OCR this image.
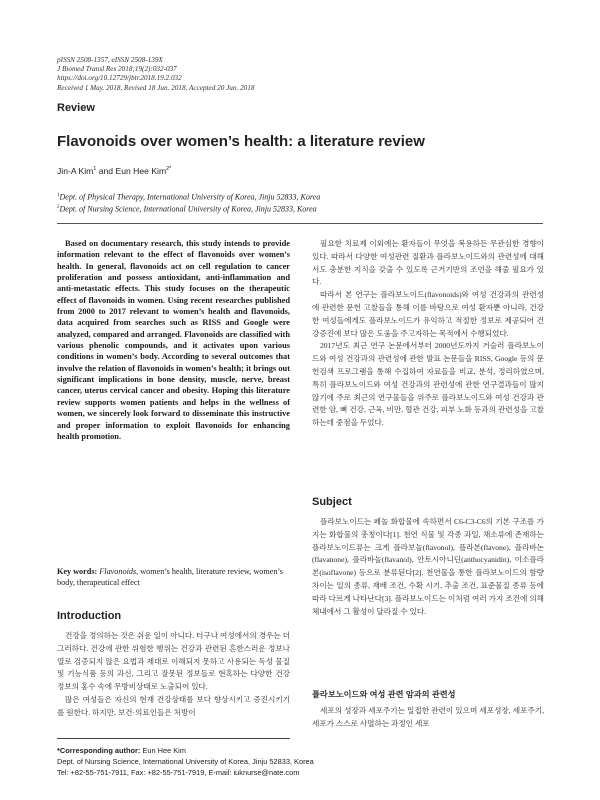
pISSN 2508-1357, eISSN 2508-139X
J Biomed Transl Res 2018;19(2):032-037
https://doi.org/10.12729/jbtr.2018.19.2.032
Received 1 May. 2018, Revised 18 Jun. 2018, Accepted 20 Jun. 2018
Review
Flavonoids over women’s health: a literature review
Jin-A Kim$^1$ and Eun Hee Kim$^{2*}$
$^1$Dept. of Physical Therapy, International University of Korea, Jinju 52833, Korea
$^2$Dept. of Nursing Science, International University of Korea, Jinju 52833, Korea
Based on documentary research, this study intends to provide information relevant to the effect of flavonoids over women’s health. In general, flavonoids act on cell regulation to cancer proliferation and possess antioxidant, anti-inflammation and anti-metastatic effects. This study focuses on the therapeutic effect of flavonoids in women. Using recent researches published from 2000 to 2017 relevant to women’s health and flavonoids, data acquired from searches such as RISS and Google were analyzed, compared and arranged. Flavonoids are classified with various phenolic compounds, and it activates upon various conditions in women’s body. According to several outcomes that involve the relation of flavonoids in women’s health; it brings out significant implications in bone density, muscle, nerve, breast cancer, uterus cervical cancer and obesity. Hoping this literature review supports women patients and helps in the wellness of women, we sincerely look forward to disseminate this instructive and proper information to exploit flavonoids for enhancing health promotion.
Key words: Flavonoids, women’s health, literature review, women’s body, therapeutical effect

필요한 치료제 이외에는 환자들이 무엇을 복용하든 무관심한 경향이 있다. 따라서 다양한 여성관련 질환과 플라보노이드와의 관련성에 대해서도 충분한 지식을 갖출 수 있도록 근거기반의 조언을 해줄 필요가 있다.

따라서 본 연구는 플라보노이드(flavonoids)와 여성 건강과의 관련성에 관련한 문헌 고찰들을 통해 이를 바탕으로 여성 환자뿐 아니라, 건강한 여성들에게도 플라보노이드가 유익하고 적절한 정보로 제공되어 건강증진에 보다 많은 도움을 주고자하는 목적에서 수행되었다.

2017년도 최근 연구 논문에서부터 2000년도까지 거슬러 플라보노이드와 여성 건강과의 관련성에 관한 발표 논문들을 RISS, Google 등의 문헌검색 프로그램을 통해 수집하여 자료들을 비교, 분석, 정리하였으며, 특히 플라보노이드와 여성 건강과의 관련성에 관한 연구결과들이 많지 않기에 주로 최근의 연구물들을 위주로 플라보노이드와 여성 건강과 관련한 암, 뼈 건강, 근육, 비만, 혈관 건강, 피부 노화 등과의 관련성을 고찰하는데 중점을 두었다.

Subject

플라보노이드는 페놀 화합물에 속하면서 C6-C3-C6의 기본 구조를 가지는 화합물의 총칭이다[1]. 천연 식물 및 각종 과일, 채소류에 존재하는 플라보노이드류는 크게 플라보놀(flavonol), 플라본(flavone), 플라바논(flavanone), 플라바놀(flavanol), 안토시아니딘(anthocyanidin), 이소플라본(isoflavone) 등으로 분류된다[2]. 천연물을 통한 플라보노이드의 함량 차이는 일의 종류, 재배 조건, 수확 시기, 추출 조건, 표준물질 종류 등에 따라 다르게 나타난다[3]. 플라보노이드는 이처럼 여러 가지 조건에 의해 체내에서 그 활성이 달라질 수 있다.

플라보노이드와 여성 관련 암과의 관련성

세포의 성장과 세포주기는 밀접한 관련이 있으며 세포성장, 세포주기, 세포가 스스로 사멸하는 과정인 세포

Introduction

건강을 정의하는 것은 쉬운 일이 아니다. 터구나 여성에서의 경우는 더 그러하다. 건강에 관한 위험한 행위는 건강과 관련된 흔한스러운 정보나열로 검증되지 않은 요법과 제대로 이해되지 못하고 사용되는 독성 물질 및 기능식품 등의 과신, 그리고 잘못된 정보들로 현혹하는 다양한 건강 정보의 홍수 속에 무방비상태로 노출되어 있다.

많은 여성들은 자신의 현재 건강상태를 보다 향상시키고 증진시키기를 원한다. 하지만, 보건·의료인들은 처방이

*Corresponding author: Eun Hee Kim
Dept. of Nursing Science, International University of Korea, Jinju 52833, Korea
Tel: +82-55-751-7911, Fax: +82-55-751-7919, E-mail: iuknurse@nate.com
